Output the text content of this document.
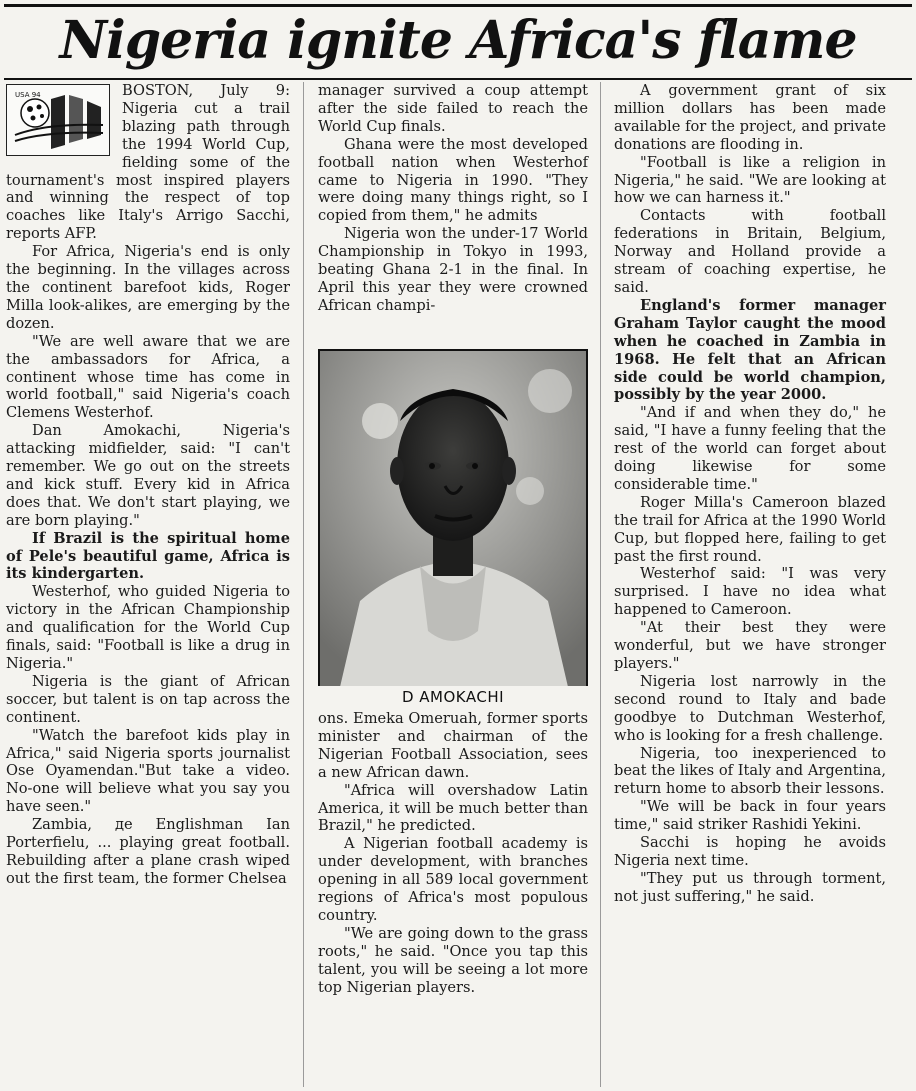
Nigeria ignite Africa's flame
USA 94	BOSTON, July 9: Nigeria cut a trail blazing path through the 1994 World Cup, fielding some of the tournament's most inspired players and winning the respect of top coaches like Italy's Arrigo Sacchi, reports AFP.

For Africa, Nigeria's end is only the beginning. In the villages across the continent barefoot kids, Roger Milla look-alikes, are emerging by the dozen.

"We are well aware that we are the ambassadors for Africa, a continent whose time has come in world football," said Nigeria's coach Clemens Westerhof.

Dan Amokachi, Nigeria's attacking midfielder, said: "I can't remember. We go out on the streets and kick stuff. Every kid in Africa does that. We don't start playing, we are born playing."

If Brazil is the spiritual home of Pele's beautiful game, Africa is its kindergarten.

Westerhof, who guided Nigeria to victory in the African Championship and qualification for the World Cup finals, said: "Football is like a drug in Nigeria."

Nigeria is the giant of African soccer, but talent is on tap across the continent.

"Watch the barefoot kids play in Africa," said Nigeria sports journalist Ose Oyamendan."But take a video. No-one will believe what you say you have seen."

Zambia, де Englishman Ian Porterfielu, ... playing great football. Rebuilding after a plane crash wiped out the first team, the former Chelsea

manager survived a coup attempt after the side failed to reach the World Cup finals.

Ghana were the most developed football nation when Westerhof came to Nigeria in 1990. "They were doing many things right, so I copied from them," he admits

Nigeria won the under-17 World Championship in Tokyo in 1993, beating Ghana 2-1 in the final. In April this year they were crowned African champi-

D AMOKACHI

ons. Emeka Omeruah, former sports minister and chairman of the Nigerian Football Association, sees a new African dawn.

"Africa will overshadow Latin America, it will be much better than Brazil," he predicted.

A Nigerian football academy is under development, with branches opening in all 589 local government regions of Africa's most populous country.

"We are going down to the grass roots," he said. "Once you tap this talent, you will be seeing a lot more top Nigerian players.

A government grant of six million dollars has been made available for the project, and private donations are flooding in.

"Football is like a religion in Nigeria," he said. "We are looking at how we can harness it."

Contacts with football federations in Britain, Belgium, Norway and Holland provide a stream of coaching expertise, he said.

England's former manager Graham Taylor caught the mood when he coached in Zambia in 1968. He felt that an African side could be world champion, possibly by the year 2000.

"And if and when they do," he said, "I have a funny feeling that the rest of the world can forget about doing likewise for some considerable time."

Roger Milla's Cameroon blazed the trail for Africa at the 1990 World Cup, but flopped here, failing to get past the first round.

Westerhof said: "I was very surprised. I have no idea what happened to Cameroon.

"At their best they were wonderful, but we have stronger players."

Nigeria lost narrowly in the second round to Italy and bade goodbye to Dutchman Westerhof, who is looking for a fresh challenge.

Nigeria, too inexperienced to beat the likes of Italy and Argentina, return home to absorb their lessons.

"We will be back in four years time," said striker Rashidi Yekini.

Sacchi is hoping he avoids Nigeria next time.

"They put us through torment, not just suffering," he said.
